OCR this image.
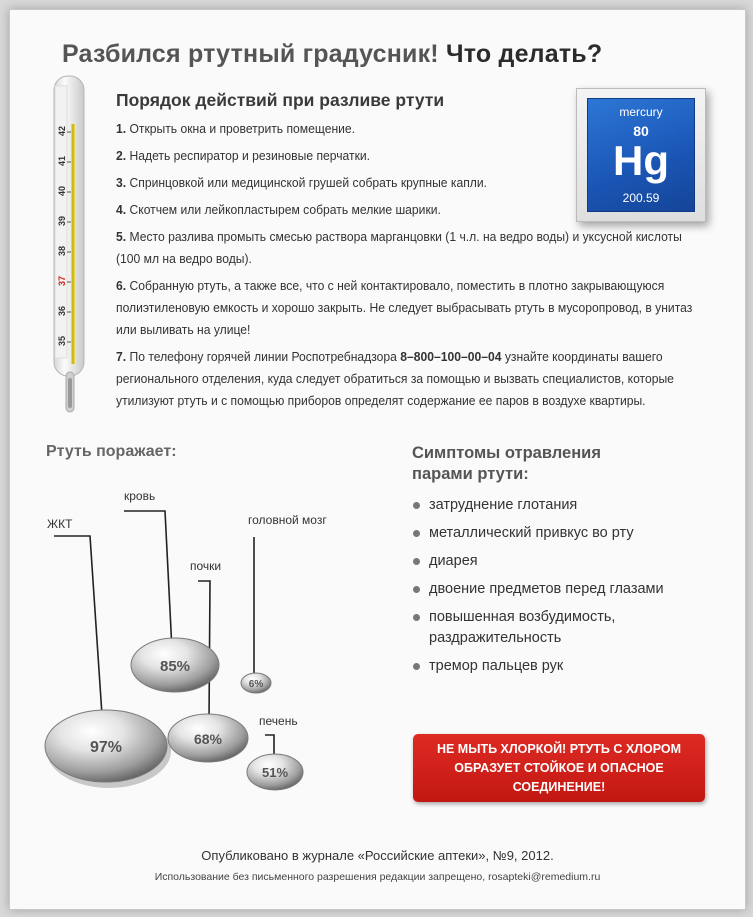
Разбился ртутный градусник! Что делать?
42
41
40
39
38
37
36
35
Порядок действий при разливе ртути
1. Открыть окна и проветрить помещение.
2. Надеть респиратор и резиновые перчатки.
3. Спринцовкой или медицинской грушей собрать крупные капли.
4. Скотчем или лейкопластырем собрать мелкие шарики.
5. Место разлива промыть смесью раствора марганцовки (1 ч.л. на ведро воды) и уксусной кислоты (100 мл на ведро воды).
6. Собранную ртуть, а также все, что с ней контактировало, поместить в плотно закрывающуюся полиэтиленовую емкость и хорошо закрыть. Не следует выбрасывать ртуть в мусоропровод, в унитаз или выливать на улице!
7. По телефону горячей линии Роспотребнадзора 8–800–100–00–04 узнайте координаты вашего регионального отделения, куда следует обратиться за помощью и вызвать специалистов, которые утилизуют ртуть и с помощью приборов определят содержание ее паров в воздухе квартиры.
mercury
80
Hg
200.59
Ртуть поражает:
ЖКТ
кровь
почки
печень
головной мозг
97%
85%
68%
51%
6%
Симптомы отравления
парами ртути:
затруднение глотания
металлический привкус во рту
диарея
двоение предметов перед глазами
повышенная возбудимость, раздражительность
тремор пальцев рук
НЕ МЫТЬ ХЛОРКОЙ! РТУТЬ С ХЛОРОМ
ОБРАЗУЕТ СТОЙКОЕ И ОПАСНОЕ
СОЕДИНЕНИЕ!
Опубликовано в журнале «Российские аптеки», №9, 2012.
Использование без письменного разрешения редакции запрещено, rosapteki@remedium.ru
